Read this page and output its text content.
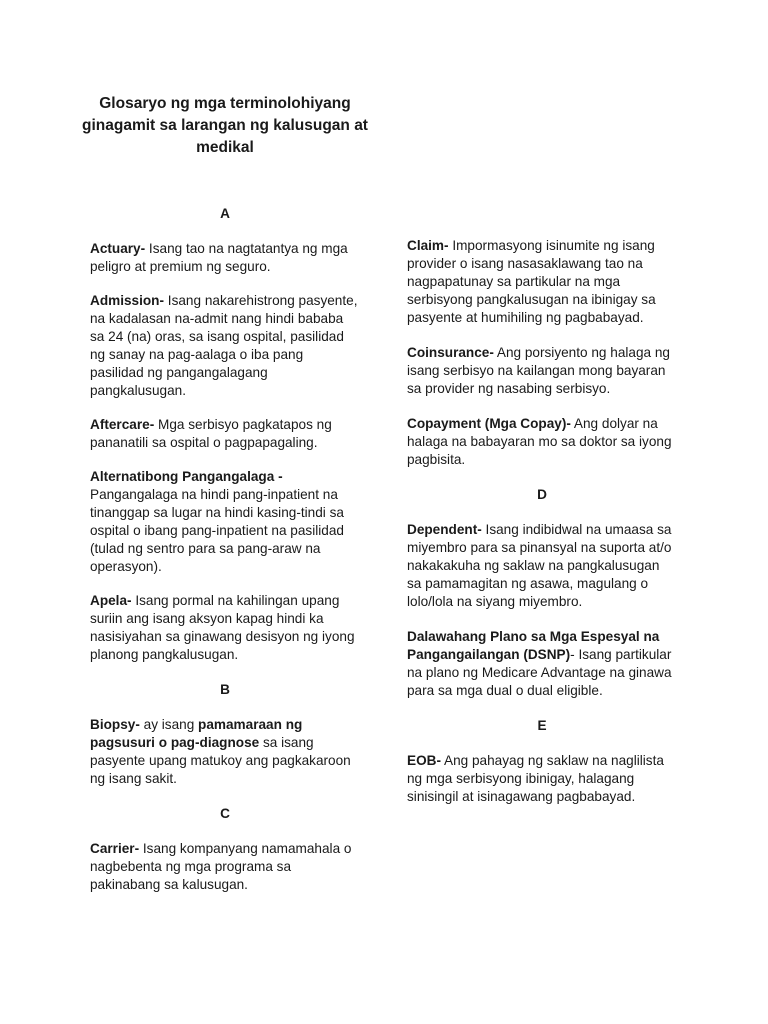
Glosaryo ng mga terminolohiyang ginagamit sa larangan ng kalusugan at medikal
A

Actuary- Isang tao na nagtatantya ng mga peligro at premium ng seguro.

Admission- Isang nakarehistrong pasyente, na kadalasan na-admit nang hindi bababa sa 24 (na) oras, sa isang ospital, pasilidad ng sanay na pag-aalaga o iba pang pasilidad ng pangangalagang pangkalusugan.

Aftercare- Mga serbisyo pagkatapos ng pananatili sa ospital o pagpapagaling.

Alternatibong Pangangalaga - Pangangalaga na hindi pang-inpatient na tinanggap sa lugar na hindi kasing-tindi sa ospital o ibang pang-inpatient na pasilidad (tulad ng sentro para sa pang-araw na operasyon).

Apela- Isang pormal na kahilingan upang suriin ang isang aksyon kapag hindi ka nasisiyahan sa ginawang desisyon ng iyong planong pangkalusugan.

B

Biopsy- ay isang pamamaraan ng pagsusuri o pag-diagnose sa isang pasyente upang matukoy ang pagkakaroon ng isang sakit.

C

Carrier- Isang kompanyang namamahala o nagbebenta ng mga programa sa pakinabang sa kalusugan.

Claim- Impormasyong isinumite ng isang provider o isang nasasaklawang tao na nagpapatunay sa partikular na mga serbisyong pangkalusugan na ibinigay sa pasyente at humihiling ng pagbabayad.

Coinsurance- Ang porsiyento ng halaga ng isang serbisyo na kailangan mong bayaran sa provider ng nasabing serbisyo.

Copayment (Mga Copay)- Ang dolyar na halaga na babayaran mo sa doktor sa iyong pagbisita.

D

Dependent- Isang indibidwal na umaasa sa miyembro para sa pinansyal na suporta at/o nakakakuha ng saklaw na pangkalusugan sa pamamagitan ng asawa, magulang o lolo/lola na siyang miyembro.

Dalawahang Plano sa Mga Espesyal na Pangangailangan (DSNP)- Isang partikular na plano ng Medicare Advantage na ginawa para sa mga dual o dual eligible.

E

EOB- Ang pahayag ng saklaw na naglilista ng mga serbisyong ibinigay, halagang sinisingil at isinagawang pagbabayad.
